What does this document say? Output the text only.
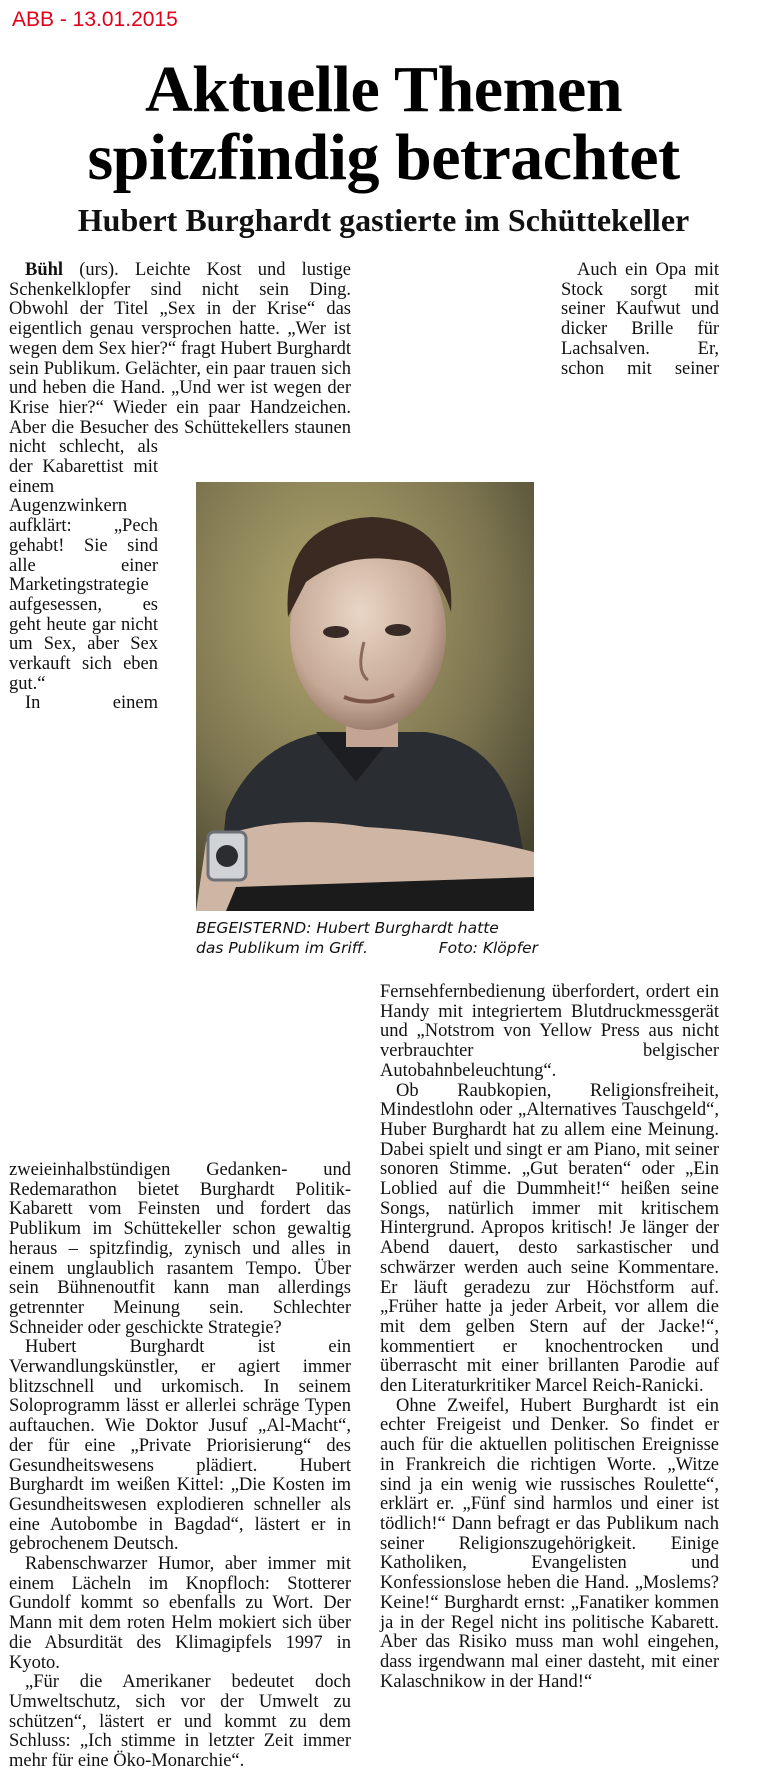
ABB - 13.01.2015
Aktuelle Themen
spitzfindig betrachtet
Hubert Burghardt gastierte im Schüttekeller

Bühl (urs). Leichte Kost und lustige Schenkelklopfer sind nicht sein Ding. Obwohl der Titel „Sex in der Krise“ das eigentlich genau versprochen hatte. „Wer ist wegen dem Sex hier?“ fragt Hubert Burghardt sein Publikum. Gelächter, ein paar trauen sich und heben die Hand. „Und wer ist wegen der Krise hier?“ Wieder ein paar Handzeichen. Aber die Besucher des Schüttekellers staunen nicht schlecht, als der Kabarettist mit einem Augenzwinkern aufklärt: „Pech gehabt! Sie sind alle einer Marketingstrategie aufgesessen, es geht heute gar nicht um Sex, aber Sex verkauft sich eben gut.“

In einem zweieinhalbstündigen Gedanken- und Redemarathon bietet Burghardt Politik-Kabarett vom Feinsten und fordert das Publikum im Schüttekeller schon gewaltig heraus – spitzfindig, zynisch und alles in einem unglaublich rasantem Tempo. Über sein Bühnenoutfit kann man allerdings getrennter Meinung sein. Schlechter Schneider oder geschickte Strategie?

Hubert Burghardt ist ein Verwandlungskünstler, er agiert immer blitzschnell und urkomisch. In seinem Soloprogramm lässt er allerlei schräge Typen auftauchen. Wie Doktor Jusuf „Al-Macht“, der für eine „Private Priorisierung“ des Gesundheitswesens plädiert. Hubert Burghardt im weißen Kittel: „Die Kosten im Gesundheitswesen explodieren schneller als eine Autobombe in Bagdad“, lästert er in gebrochenem Deutsch.

Rabenschwarzer Humor, aber immer mit einem Lächeln im Knopfloch: Stotterer Gundolf kommt so ebenfalls zu Wort. Der Mann mit dem roten Helm mokiert sich über die Absurdität des Klimagipfels 1997 in Kyoto.

„Für die Amerikaner bedeutet doch Umweltschutz, sich vor der Umwelt zu schützen“, lästert er und kommt zu dem Schluss: „Ich stimme in letzter Zeit immer mehr für eine Öko-Monarchie“.

Auch ein Opa mit Stock sorgt mit seiner Kaufwut und dicker Brille für Lachsalven. Er, schon mit seiner Fernsehfernbedienung überfordert, ordert ein Handy mit integriertem Blutdruckmessgerät und „Notstrom von Yellow Press aus nicht verbrauchter belgischer Autobahnbeleuchtung“.

Ob Raubkopien, Religionsfreiheit, Mindestlohn oder „Alternatives Tauschgeld“, Huber Burghardt hat zu allem eine Meinung. Dabei spielt und singt er am Piano, mit seiner sonoren Stimme. „Gut beraten“ oder „Ein Loblied auf die Dummheit!“ heißen seine Songs, natürlich immer mit kritischem Hintergrund. Apropos kritisch! Je länger der Abend dauert, desto sarkastischer und schwärzer werden auch seine Kommentare. Er läuft geradezu zur Höchstform auf. „Früher hatte ja jeder Arbeit, vor allem die mit dem gelben Stern auf der Jacke!“, kommentiert er knochentrocken und überrascht mit einer brillanten Parodie auf den Literaturkritiker Marcel Reich-Ranicki.

Ohne Zweifel, Hubert Burghardt ist ein echter Freigeist und Denker. So findet er auch für die aktuellen politischen Ereignisse in Frankreich die richtigen Worte. „Witze sind ja ein wenig wie russisches Roulette“, erklärt er. „Fünf sind harmlos und einer ist tödlich!“ Dann befragt er das Publikum nach seiner Religionszugehörigkeit. Einige Katholiken, Evangelisten und Konfessionslose heben die Hand. „Moslems? Keine!“ Burghardt ernst: „Fanatiker kommen ja in der Regel nicht ins politische Kabarett. Aber das Risiko muss man wohl eingehen, dass irgendwann mal einer dasteht, mit einer Kalaschnikow in der Hand!“

BEGEISTERND: Hubert Burghardt hatte
das Publikum im Griff.	Foto: Klöpfer
